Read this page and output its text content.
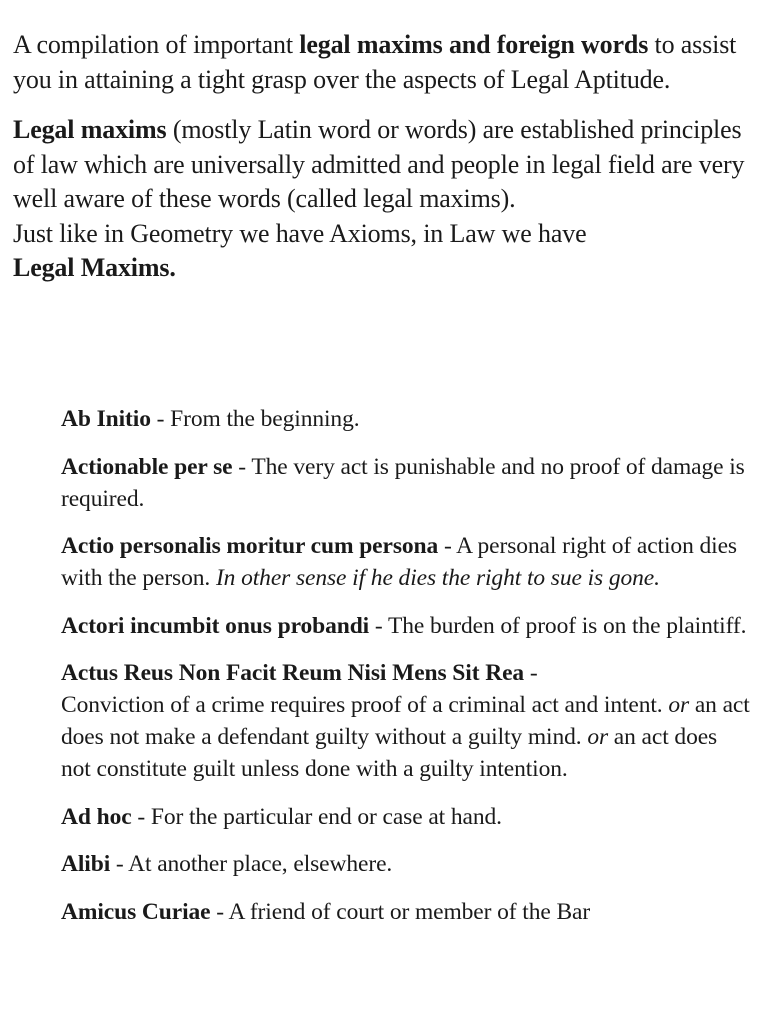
A compilation of important legal maxims and foreign words to assist you in attaining a tight grasp over the aspects of Legal Aptitude.

Legal maxims (mostly Latin word or words) are established principles of law which are universally admitted and people in legal field are very well aware of these words (called legal maxims).
Just like in Geometry we have Axioms, in Law we have
Legal Maxims.

Ab Initio - From the beginning.

Actionable per se - The very act is punishable and no proof of damage is required.

Actio personalis moritur cum persona - A personal right of action dies with the person. In other sense if he dies the right to sue is gone.

Actori incumbit onus probandi - The burden of proof is on the plaintiff.

Actus Reus Non Facit Reum Nisi Mens Sit Rea -
Conviction of a crime requires proof of a criminal act and intent. or an act does not make a defendant guilty without a guilty mind. or an act does not constitute guilt unless done with a guilty intention.

Ad hoc - For the particular end or case at hand.

Alibi - At another place, elsewhere.

Amicus Curiae - A friend of court or member of the Bar
